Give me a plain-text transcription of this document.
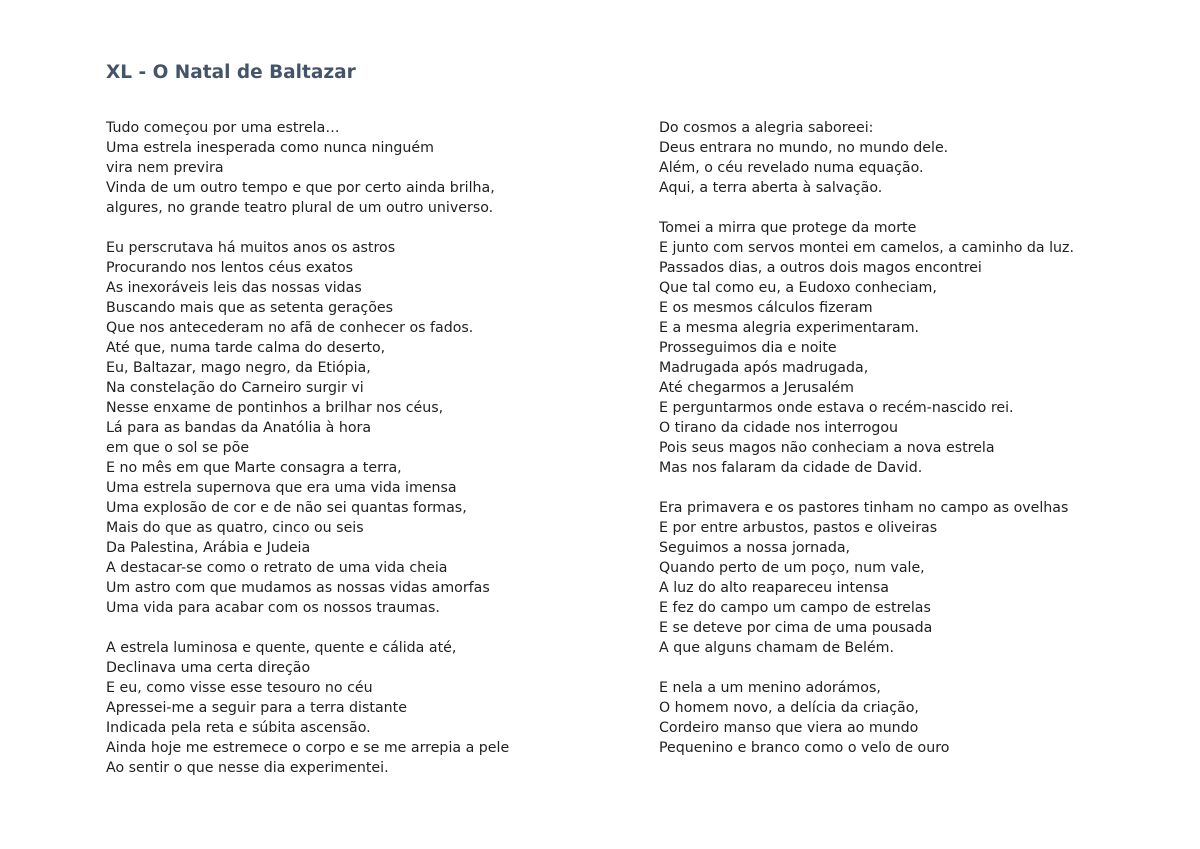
XL - O Natal de Baltazar
Tudo começou por uma estrela…
Uma estrela inesperada como nunca ninguém
vira nem previra
Vinda de um outro tempo e que por certo ainda brilha,
algures, no grande teatro plural de um outro universo.
Eu perscrutava há muitos anos os astros
Procurando nos lentos céus exatos
As inexoráveis leis das nossas vidas
Buscando mais que as setenta gerações
Que nos antecederam no afã de conhecer os fados.
Até que, numa tarde calma do deserto,
Eu, Baltazar, mago negro, da Etiópia,
Na constelação do Carneiro surgir vi
Nesse enxame de pontinhos a brilhar nos céus,
Lá para as bandas da Anatólia à hora
em que o sol se põe
E no mês em que Marte consagra a terra,
Uma estrela supernova que era uma vida imensa
Uma explosão de cor e de não sei quantas formas,
Mais do que as quatro, cinco ou seis
Da Palestina, Arábia e Judeia
A destacar-se como o retrato de uma vida cheia
Um astro com que mudamos as nossas vidas amorfas
Uma vida para acabar com os nossos traumas.
A estrela luminosa e quente, quente e cálida até,
Declinava uma certa direção
E eu, como visse esse tesouro no céu
Apressei-me a seguir para a terra distante
Indicada pela reta e súbita ascensão.
Ainda hoje me estremece o corpo e se me arrepia a pele
Ao sentir o que nesse dia experimentei.
Do cosmos a alegria saboreei:
Deus entrara no mundo, no mundo dele.
Além, o céu revelado numa equação.
Aqui, a terra aberta à salvação.
Tomei a mirra que protege da morte
E junto com servos montei em camelos, a caminho da luz.
Passados dias, a outros dois magos encontrei
Que tal como eu, a Eudoxo conheciam,
E os mesmos cálculos fizeram
E a mesma alegria experimentaram.
Prosseguimos dia e noite
Madrugada após madrugada,
Até chegarmos a Jerusalém
E perguntarmos onde estava o recém-nascido rei.
O tirano da cidade nos interrogou
Pois seus magos não conheciam a nova estrela
Mas nos falaram da cidade de David.
Era primavera e os pastores tinham no campo as ovelhas
E por entre arbustos, pastos e oliveiras
Seguimos a nossa jornada,
Quando perto de um poço, num vale,
A luz do alto reapareceu intensa
E fez do campo um campo de estrelas
E se deteve por cima de uma pousada
A que alguns chamam de Belém.
E nela a um menino adorámos,
O homem novo, a delícia da criação,
Cordeiro manso que viera ao mundo
Pequenino e branco como o velo de ouro
